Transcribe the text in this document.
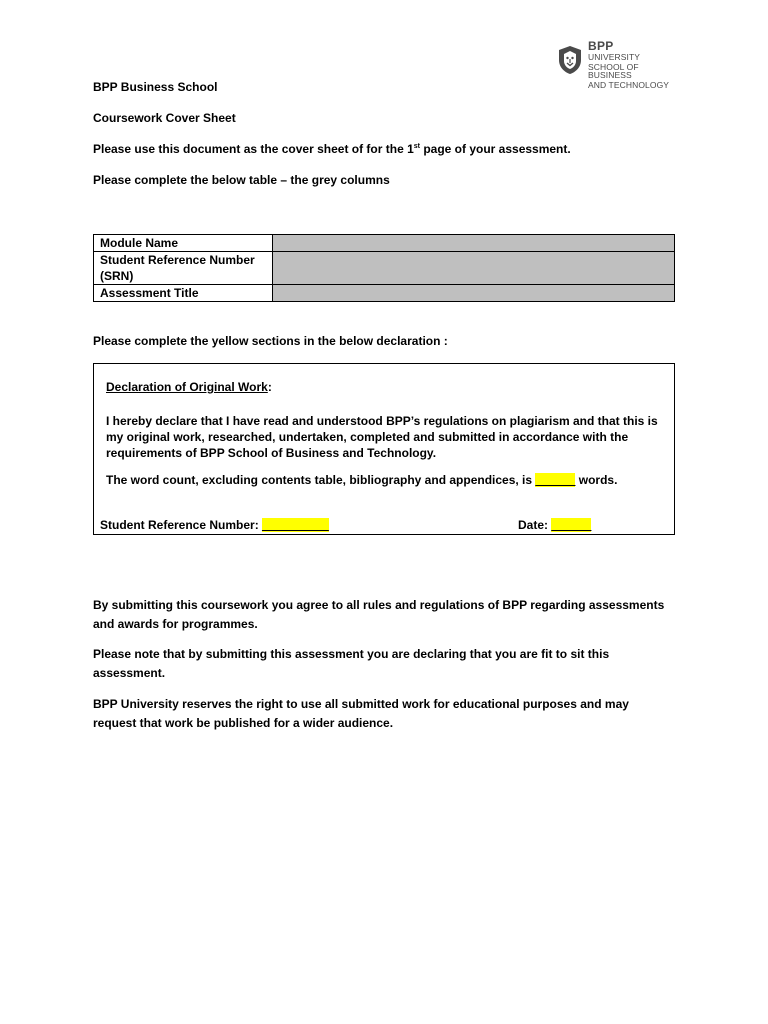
BPP
UNIVERSITY
SCHOOL OF BUSINESS
AND TECHNOLOGY
BPP Business School
Coursework Cover Sheet
Please use this document as the cover sheet of for the 1st page of your assessment.
Please complete the below table – the grey columns
Module Name	
Student Reference Number (SRN)	
Assessment Title	
Please complete the yellow sections in the below declaration :
Declaration of Original Work:
I hereby declare that I have read and understood BPP’s regulations on plagiarism and that this is my original work, researched, undertaken, completed and submitted in accordance with the requirements of BPP School of Business and Technology.
The word count, excluding contents table, bibliography and appendices, is ______ words.
Student Reference Number: __________	Date: ______
By submitting this coursework you agree to all rules and regulations of BPP regarding assessments and awards for programmes.
Please note that by submitting this assessment you are declaring that you are fit to sit this assessment.
BPP University reserves the right to use all submitted work for educational purposes and may request that work be published for a wider audience.
